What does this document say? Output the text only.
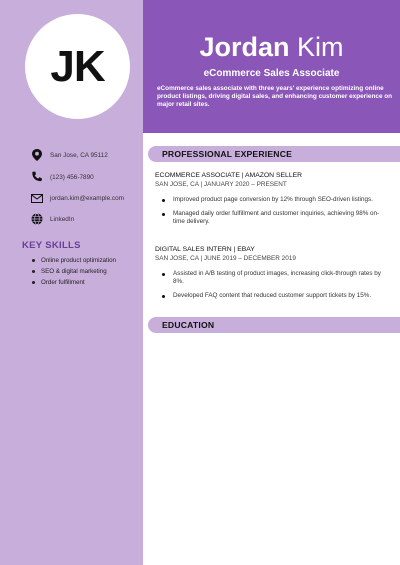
JK	Jordan Kim
eCommerce Sales Associate
eCommerce sales associate with three years' experience optimizing online product listings, driving digital sales, and enhancing customer experience on major retail sites.
San Jose, CA 95112
(123) 456-7890
jordan.kim@example.com
LinkedIn
KEY SKILLS
Online product optimization
SEO & digital marketing
Order fulfillment
PROFESSIONAL EXPERIENCE
ECOMMERCE ASSOCIATE | AMAZON SELLER
SAN JOSE, CA | JANUARY 2020 – PRESENT
Improved product page conversion by 12% through SEO-driven listings.
Managed daily order fulfillment and customer inquiries, achieving 98% on-time delivery.
DIGITAL SALES INTERN | EBAY
SAN JOSE, CA | JUNE 2019 – DECEMBER 2019
Assisted in A/B testing of product images, increasing click-through rates by 8%.
Developed FAQ content that reduced customer support tickets by 15%.
EDUCATION
